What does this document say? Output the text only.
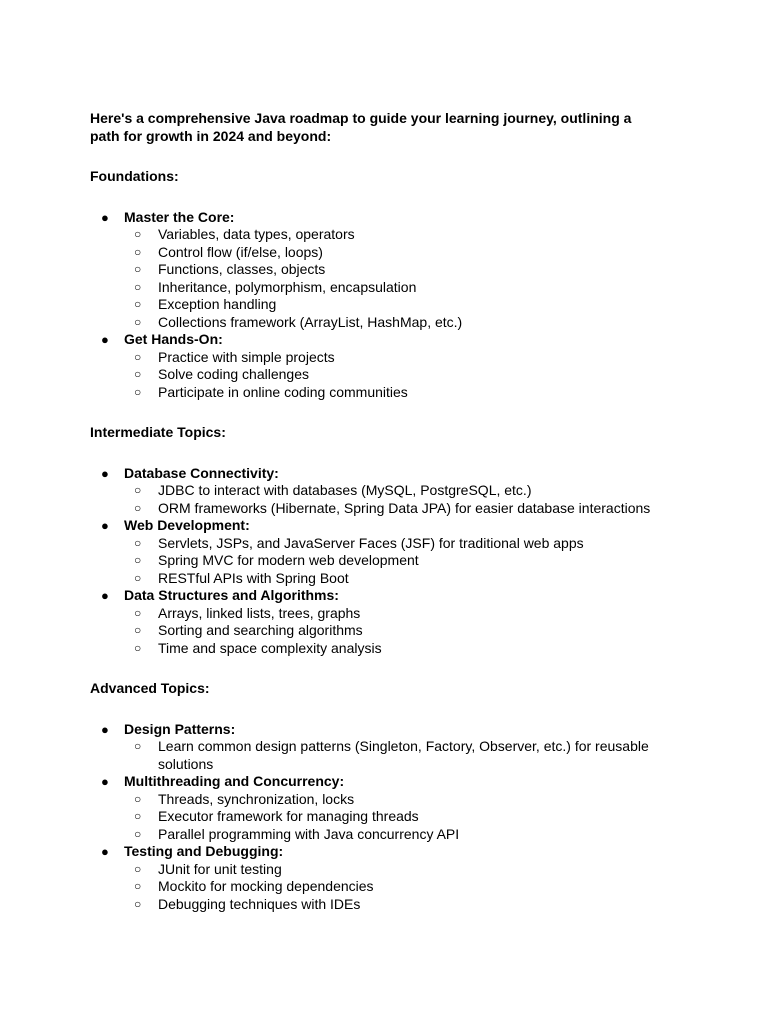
Here's a comprehensive Java roadmap to guide your learning journey, outlining a path for growth in 2024 and beyond:

Foundations:

● Master the Core:
○ Variables, data types, operators
○ Control flow (if/else, loops)
○ Functions, classes, objects
○ Inheritance, polymorphism, encapsulation
○ Exception handling
○ Collections framework (ArrayList, HashMap, etc.)
● Get Hands-On:
○ Practice with simple projects
○ Solve coding challenges
○ Participate in online coding communities

Intermediate Topics:

● Database Connectivity:
○ JDBC to interact with databases (MySQL, PostgreSQL, etc.)
○ ORM frameworks (Hibernate, Spring Data JPA) for easier database interactions
● Web Development:
○ Servlets, JSPs, and JavaServer Faces (JSF) for traditional web apps
○ Spring MVC for modern web development
○ RESTful APIs with Spring Boot
● Data Structures and Algorithms:
○ Arrays, linked lists, trees, graphs
○ Sorting and searching algorithms
○ Time and space complexity analysis

Advanced Topics:

● Design Patterns:
○ Learn common design patterns (Singleton, Factory, Observer, etc.) for reusable solutions
● Multithreading and Concurrency:
○ Threads, synchronization, locks
○ Executor framework for managing threads
○ Parallel programming with Java concurrency API
● Testing and Debugging:
○ JUnit for unit testing
○ Mockito for mocking dependencies
○ Debugging techniques with IDEs
